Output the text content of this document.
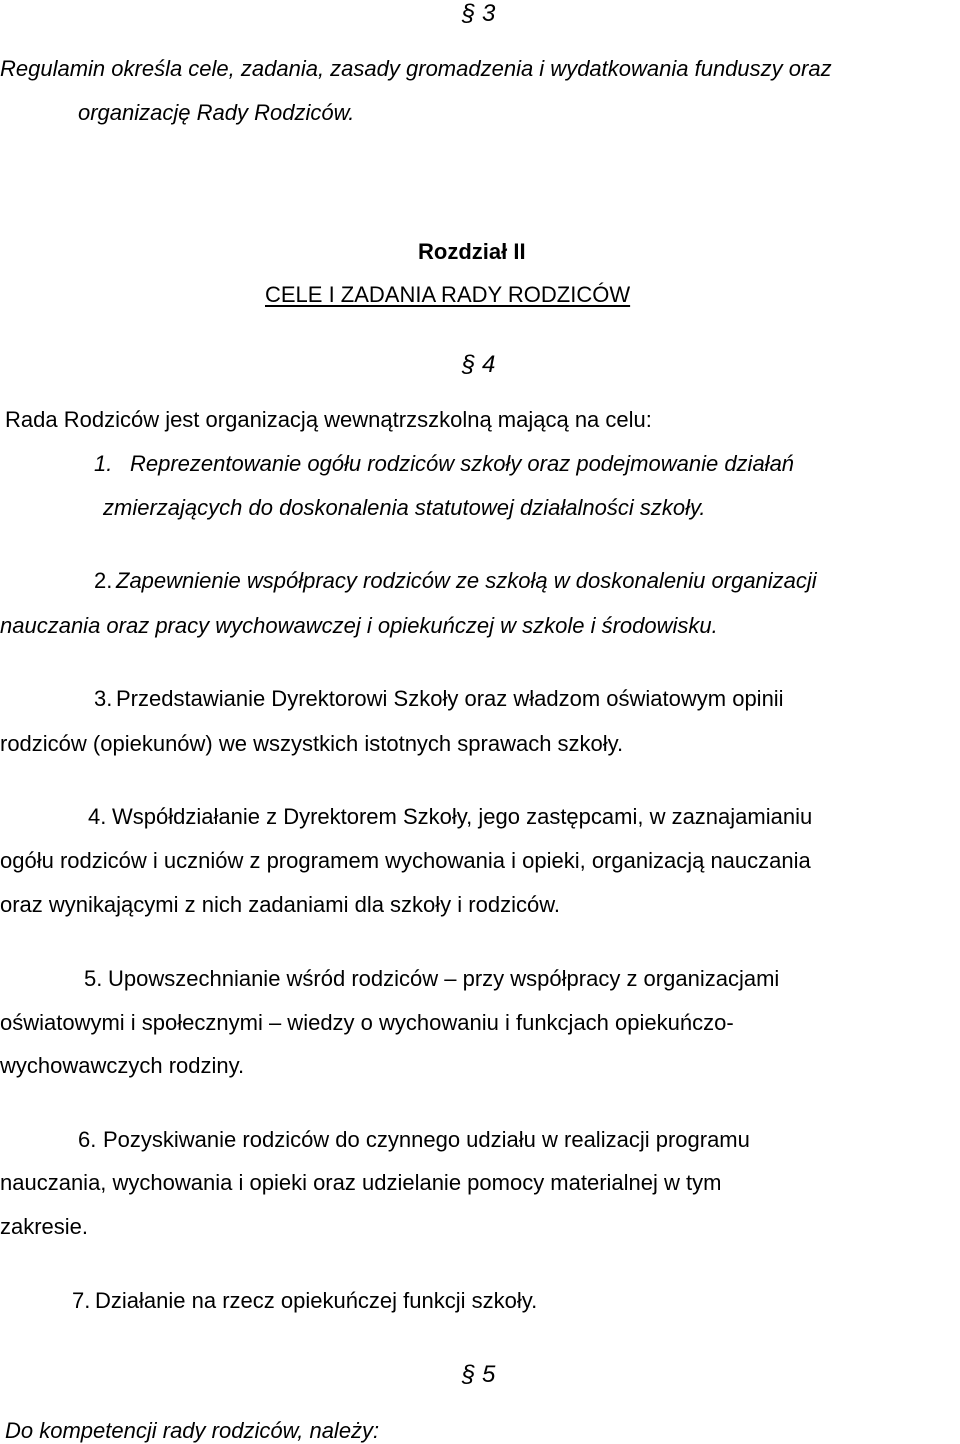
§ 3
Regulamin określa cele, zadania, zasady gromadzenia i wydatkowania funduszy oraz
organizację Rady Rodziców.
Rozdział II
CELE I ZADANIA RADY RODZICÓW
§ 4
Rada Rodziców jest organizacją wewnątrzszkolną mającą na celu:
1. Reprezentowanie ogółu rodziców szkoły oraz podejmowanie działań
zmierzających do doskonalenia statutowej działalności szkoły.
2. Zapewnienie współpracy rodziców ze szkołą w doskonaleniu organizacji
nauczania oraz pracy wychowawczej i opiekuńczej w szkole i środowisku.
3. Przedstawianie Dyrektorowi Szkoły oraz władzom oświatowym opinii
rodziców (opiekunów) we wszystkich istotnych sprawach szkoły.
4. Współdziałanie z Dyrektorem Szkoły, jego zastępcami, w zaznajamianiu
ogółu rodziców i uczniów z programem wychowania i opieki, organizacją nauczania
oraz wynikającymi z nich zadaniami dla szkoły i rodziców.
5. Upowszechnianie wśród rodziców – przy współpracy z organizacjami
oświatowymi i społecznymi – wiedzy o wychowaniu i funkcjach opiekuńczo-
wychowawczych rodziny.
6. Pozyskiwanie rodziców do czynnego udziału w realizacji programu
nauczania, wychowania i opieki oraz udzielanie pomocy materialnej w tym
zakresie.
7. Działanie na rzecz opiekuńczej funkcji szkoły.
§ 5
Do kompetencji rady rodziców, należy:
